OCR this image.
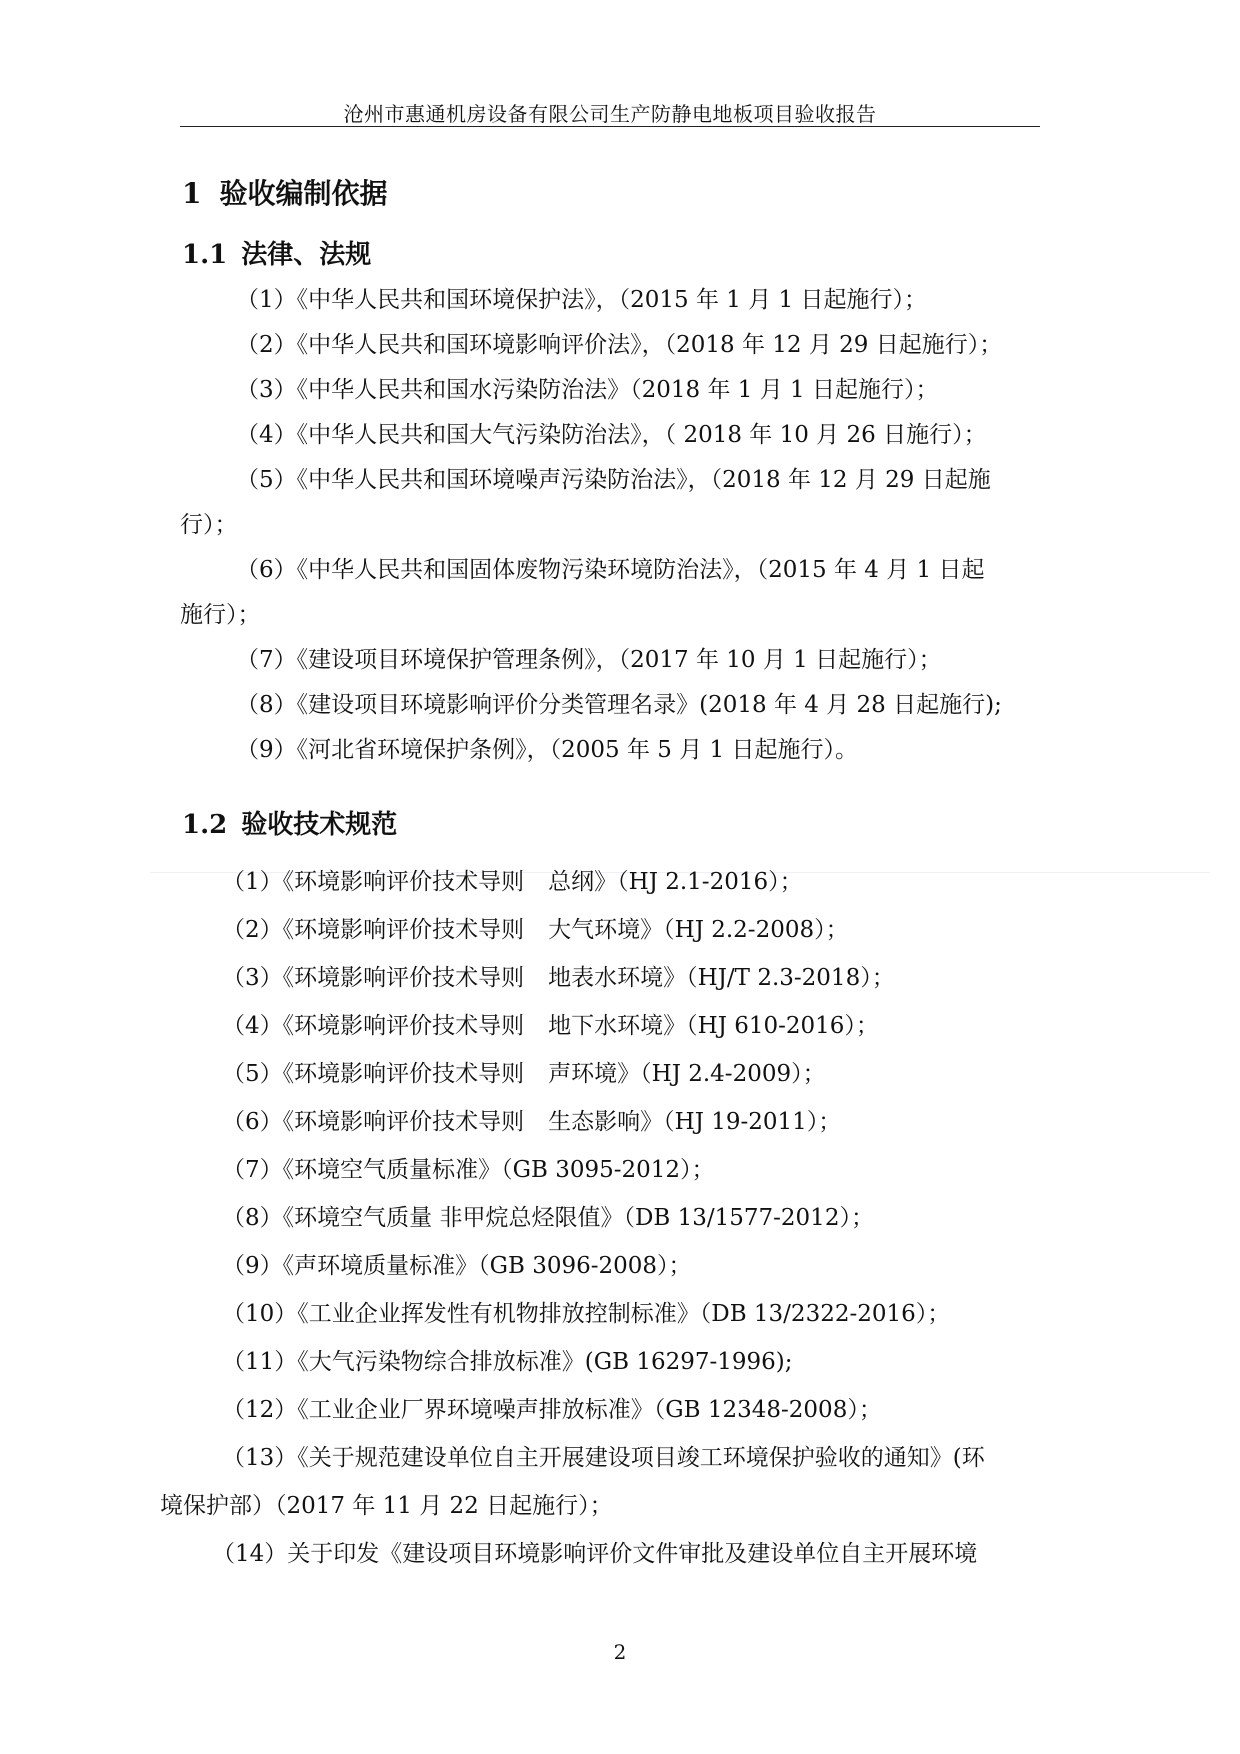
沧州市惠通机房设备有限公司生产防静电地板项目验收报告
1 验收编制依据
1.1 法律、法规
（1）《中华人民共和国环境保护法》，（2015 年 1 月 1 日起施行）；
（2）《中华人民共和国环境影响评价法》，（2018 年 12 月 29 日起施行）；
（3）《中华人民共和国水污染防治法》（2018 年 1 月 1 日起施行）；
（4）《中华人民共和国大气污染防治法》，（ 2018 年 10 月 26 日施行）；
（5）《中华人民共和国环境噪声污染防治法》，（2018 年 12 月 29 日起施
行）；
（6）《中华人民共和国固体废物污染环境防治法》，（2015 年 4 月 1 日起
施行）；
（7）《建设项目环境保护管理条例》，（2017 年 10 月 1 日起施行）；
（8）《建设项目环境影响评价分类管理名录》(2018 年 4 月 28 日起施行);
（9）《河北省环境保护条例》，（2005 年 5 月 1 日起施行）。
1.2 验收技术规范
（1）《环境影响评价技术导则 总纲》（HJ 2.1-2016）；
（2）《环境影响评价技术导则 大气环境》（HJ 2.2-2008）；
（3）《环境影响评价技术导则 地表水环境》（HJ/T 2.3-2018）；
（4）《环境影响评价技术导则 地下水环境》（HJ 610-2016）；
（5）《环境影响评价技术导则 声环境》（HJ 2.4-2009）；
（6）《环境影响评价技术导则 生态影响》（HJ 19-2011）；
（7）《环境空气质量标准》（GB 3095-2012）；
（8）《环境空气质量 非甲烷总烃限值》（DB 13/1577-2012）；
（9）《声环境质量标准》（GB 3096-2008）；
（10）《工业企业挥发性有机物排放控制标准》（DB 13/2322-2016）；
（11）《大气污染物综合排放标准》(GB 16297-1996);
（12）《工业企业厂界环境噪声排放标准》（GB 12348-2008）；
（13）《关于规范建设单位自主开展建设项目竣工环境保护验收的通知》(环
境保护部）（2017 年 11 月 22 日起施行）；
（14）关于印发《建设项目环境影响评价文件审批及建设单位自主开展环境
2
